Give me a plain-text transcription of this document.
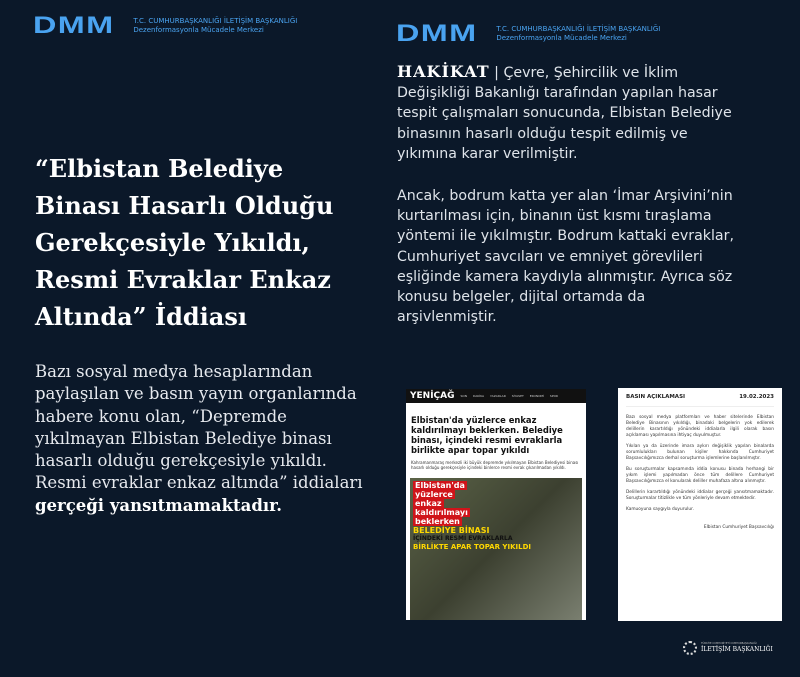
DMM	T.C. CUMHURBAŞKANLIĞI İLETİŞİM BAŞKANLIĞI
Dezenformasyonla Mücadele Merkezi	DMM	T.C. CUMHURBAŞKANLIĞI İLETİŞİM BAŞKANLIĞI
Dezenformasyonla Mücadele Merkezi
“Elbistan Belediye Binası Hasarlı Olduğu Gerekçesiyle Yıkıldı, Resmi Evraklar Enkaz Altında” İddiası

Bazı sosyal medya hesaplarından paylaşılan ve basın yayın organlarında habere konu olan, “Depremde yıkılmayan Elbistan Belediye binası hasarlı olduğu gerekçesiyle yıkıldı. Resmi evraklar enkaz altında” iddiaları gerçeği yansıtmamaktadır.

HAKİKAT | Çevre, Şehircilik ve İklim Değişikliği Bakanlığı tarafından yapılan hasar tespit çalışmaları sonucunda, Elbistan Belediye binasının hasarlı olduğu tespit edilmiş ve yıkımına karar verilmiştir.

Ancak, bodrum katta yer alan ‘İmar Arşivini’nin kurtarılması için, binanın üst kısmı tıraşlama yöntemi ile yıkılmıştır. Bodrum kattaki evraklar, Cumhuriyet savcıları ve emniyet görevlileri eşliğinde kamera kaydıyla alınmıştır. Ayrıca söz konusu belgeler, dijital ortamda da arşivlenmiştir.

YENİÇAĞ SON DAKİKA YAZARLAR SİYASET EKONOMİ SPOR
Elbistan'da yüzlerce enkaz kaldırılmayı beklerken. Belediye binası, içindeki resmi evraklarla birlikte apar topar yıkıldı
Kahramanmaraş merkezli iki büyük depremde yıkılmayan Elbistan Belediyesi binası hasarlı olduğu gerekçesiyle içindeki binlerce resmi evrak çıkarılmadan yıkıldı.
Elbistan'da
yüzlerce
enkaz
kaldırılmayı
beklerken
BELEDİYE BİNASI
İÇİNDEKİ RESMİ EVRAKLARLA
BİRLİKTE APAR TOPAR YIKILDI
BASIN AÇIKLAMASI	19.02.2023

Bazı sosyal medya platformları ve haber sitelerinde Elbistan Belediye Binasının yıkıldığı, binadaki belgelerin yok edilerek delillerin karartıldığı yönündeki iddialarla ilgili olarak basın açıklaması yapılmasına ihtiyaç duyulmuştur.

Yıkılan ya da üzerinde imara aykırı değişiklik yapılan binalarda sorumlulukları bulunan kişiler hakkında Cumhuriyet Başsavcılığımızca derhal soruşturma işlemlerine başlanılmıştır.

Bu soruşturmalar kapsamında iddia konusu binada herhangi bir yıkım işlemi yapılmadan önce tüm delillere Cumhuriyet Başsavcılığımızca el konularak deliller muhafaza altına alınmıştır.

Delillerin karartıldığı yönündeki iddialar gerçeği yansıtmamaktadır. Soruşturmalar titizlikle ve tüm yönleriyle devam etmektedir.

Kamuoyuna saygıyla duyurulur.

Elbistan Cumhuriyet Başsavcılığı
TÜRKİYE CUMHURİYETİ CUMHURBAŞKANLIĞI
İLETİŞİM BAŞKANLIĞI
